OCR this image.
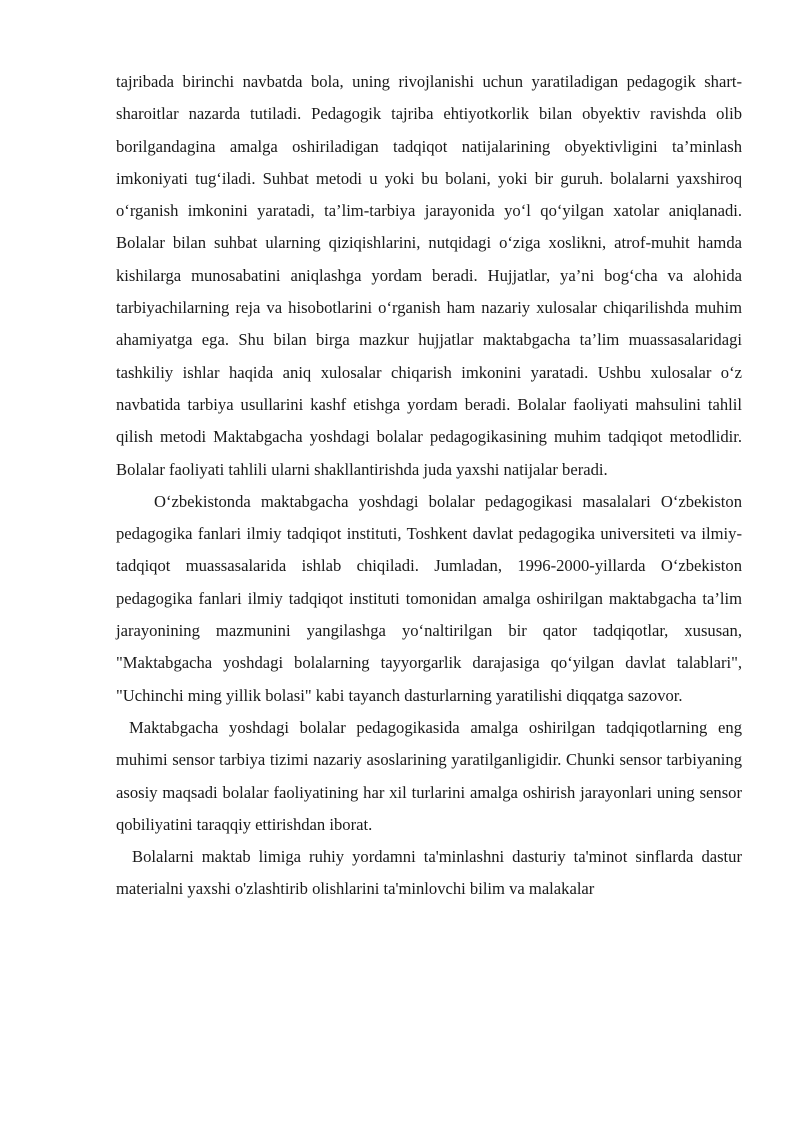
tajribada birinchi navbatda bola, uning rivojlanishi uchun yaratiladigan pedagogik shart-sharoitlar nazarda tutiladi. Pedagogik tajriba ehtiyotkorlik bilan obyektiv ravishda olib borilgandagina amalga oshiriladigan tadqiqot natijalarining obyektivligini ta’minlash imkoniyati tug‘iladi. Suhbat metodi u yoki bu bolani, yoki bir guruh. bolalarni yaxshiroq o‘rganish imkonini yaratadi, ta’lim-tarbiya jarayonida yo‘l qo‘yilgan xatolar aniqlanadi. Bolalar bilan suhbat ularning qiziqishlarini, nutqidagi o‘ziga xoslikni, atrof-muhit hamda kishilarga munosabatini aniqlashga yordam beradi. Hujjatlar, ya’ni bog‘cha va alohida tarbiyachilarning reja va hisobotlarini o‘rganish ham nazariy xulosalar chiqarilishda muhim ahamiyatga ega. Shu bilan birga mazkur hujjatlar maktabgacha ta’lim muassasalaridagi tashkiliy ishlar haqida aniq xulosalar chiqarish imkonini yaratadi. Ushbu xulosalar o‘z navbatida tarbiya usullarini kashf etishga yordam beradi. Bolalar faoliyati mahsulini tahlil qilish metodi Maktabgacha yoshdagi bolalar pedagogikasining muhim tadqiqot metodlidir. Bolalar faoliyati tahlili ularni shakllantirishda juda yaxshi natijalar beradi.

O‘zbekistonda maktabgacha yoshdagi bolalar pedagogikasi masalalari O‘zbekiston pedagogika fanlari ilmiy tadqiqot instituti, Toshkent davlat pedagogika universiteti va ilmiy-tadqiqot muassasalarida ishlab chiqiladi. Jumladan, 1996-2000-yillarda O‘zbekiston pedagogika fanlari ilmiy tadqiqot instituti tomonidan amalga oshirilgan maktabgacha ta’lim jarayonining mazmunini yangilashga yo‘naltirilgan bir qator tadqiqotlar, xususan, "Maktabgacha yoshdagi bolalarning tayyorgarlik darajasiga qo‘yilgan davlat talablari", "Uchinchi ming yillik bolasi" kabi tayanch dasturlarning yaratilishi diqqatga sazovor.

Maktabgacha yoshdagi bolalar pedagogikasida amalga oshirilgan tadqiqotlarning eng muhimi sensor tarbiya tizimi nazariy asoslarining yaratilganligidir. Chunki sensor tarbiyaning asosiy maqsadi bolalar faoliyatining har xil turlarini amalga oshirish jarayonlari uning sensor qobiliyatini taraqqiy ettirishdan iborat.

Bolalarni maktab limiga ruhiy yordamni ta'minlashni dasturiy ta'minot sinflarda dastur materialni yaxshi o'zlashtirib olishlarini ta'minlovchi bilim va malakalar
